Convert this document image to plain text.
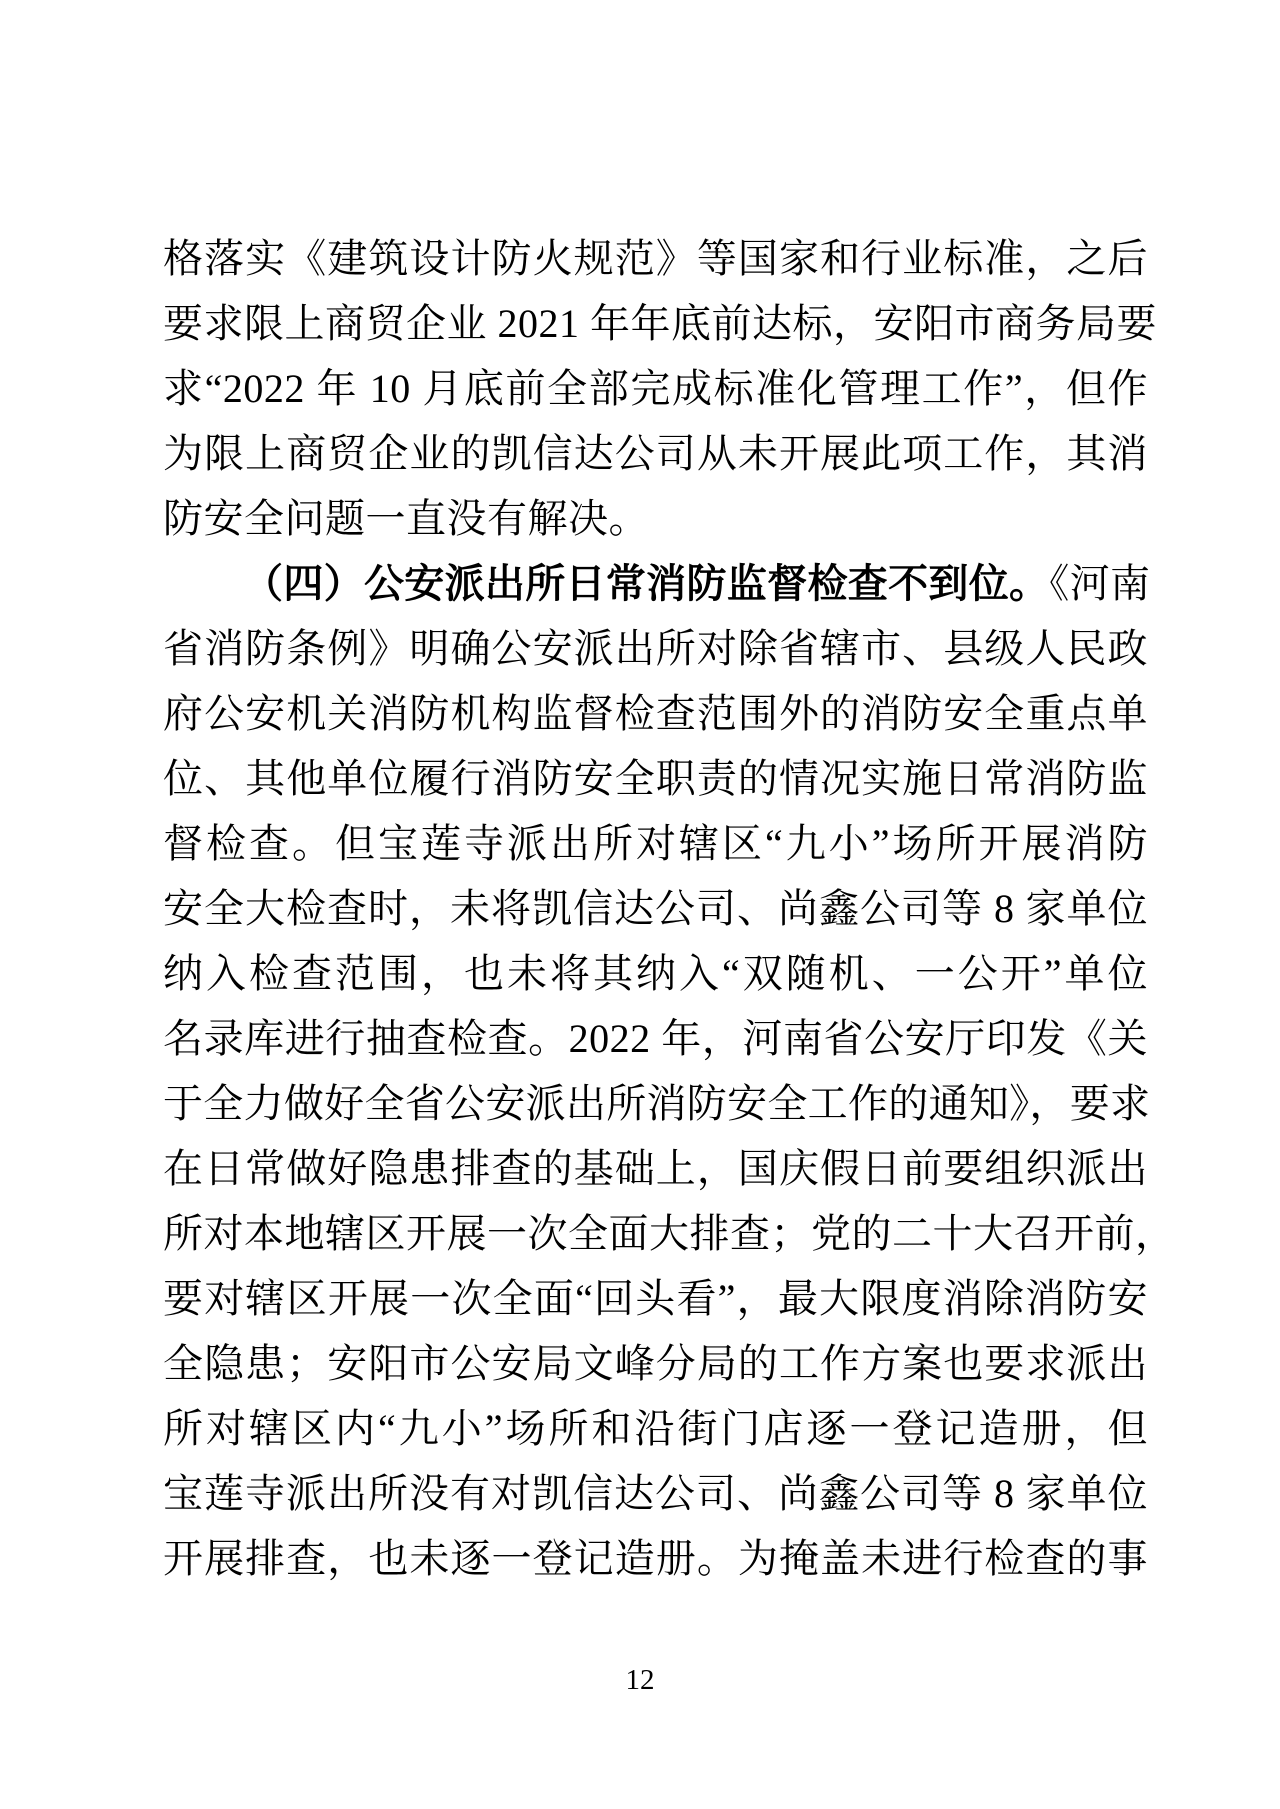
格落实《建筑设计防火规范》等国家和行业标准，之后
要求限上商贸企业 2021 年年底前达标，安阳市商务局要
求“2022 年 10 月底前全部完成标准化管理工作”，但作
为限上商贸企业的凯信达公司从未开展此项工作，其消
防安全问题一直没有解决。
（四）公安派出所日常消防监督检查不到位。《河南
省消防条例》明确公安派出所对除省辖市、县级人民政
府公安机关消防机构监督检查范围外的消防安全重点单
位、其他单位履行消防安全职责的情况实施日常消防监
督检查。但宝莲寺派出所对辖区“九小”场所开展消防
安全大检查时，未将凯信达公司、尚鑫公司等 8 家单位
纳入检查范围，也未将其纳入“双随机、一公开”单位
名录库进行抽查检查。2022 年，河南省公安厅印发《关
于全力做好全省公安派出所消防安全工作的通知》，要求
在日常做好隐患排查的基础上，国庆假日前要组织派出
所对本地辖区开展一次全面大排查；党的二十大召开前，
要对辖区开展一次全面“回头看”，最大限度消除消防安
全隐患；安阳市公安局文峰分局的工作方案也要求派出
所对辖区内“九小”场所和沿街门店逐一登记造册，但
宝莲寺派出所没有对凯信达公司、尚鑫公司等 8 家单位
开展排查，也未逐一登记造册。为掩盖未进行检查的事
12
